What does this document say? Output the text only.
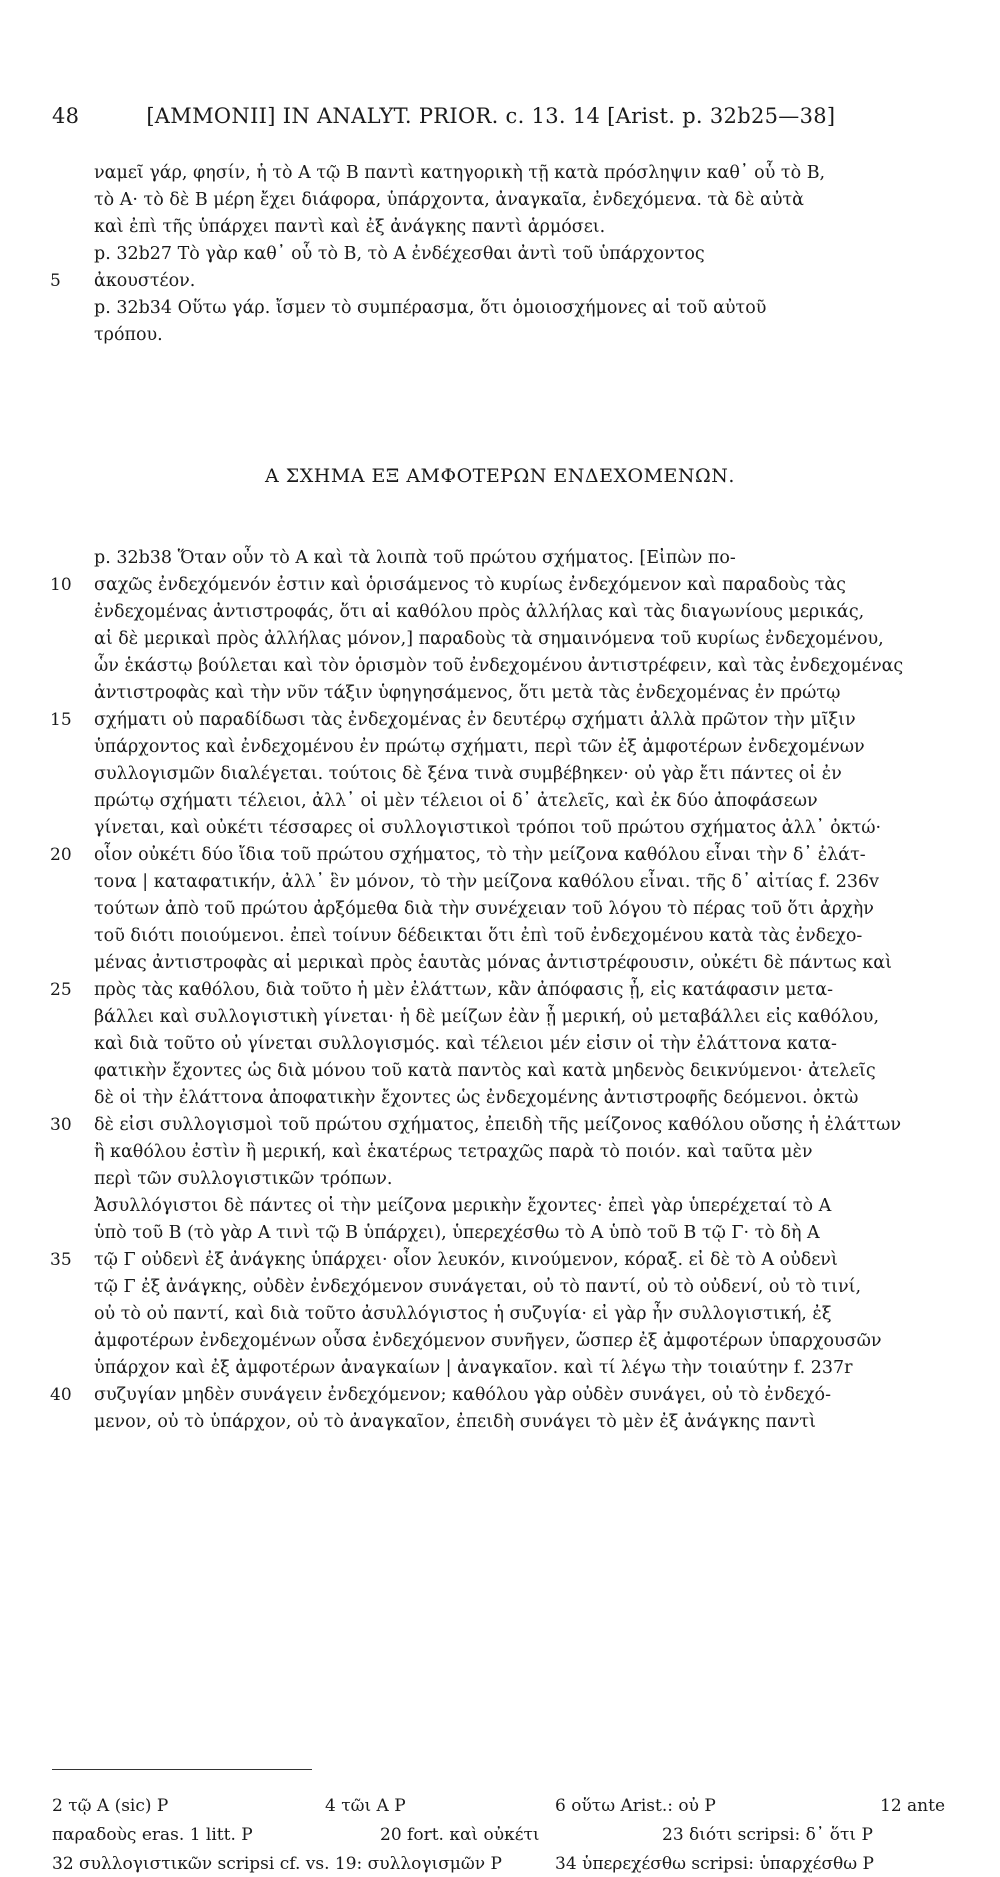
48	[AMMONII] IN ANALYT. PRIOR. c. 13. 14 [Arist. p. 32b25—38]
ναμεῖ γάρ, φησίν, ἡ τὸ Α τῷ Β παντὶ κατηγορικὴ τῇ κατὰ πρόσληψιν καθ᾽ οὗ τὸ Β,
τὸ Α· τὸ δὲ Β μέρη ἔχει διάφορα, ὑπάρχοντα, ἀναγκαῖα, ἐνδεχόμενα. τὰ δὲ αὐτὰ
καὶ ἐπὶ τῆς ὑπάρχει παντὶ καὶ ἐξ ἀνάγκης παντὶ ἁρμόσει.
p. 32b27 Τὸ γὰρ καθ᾽ οὗ τὸ Β, τὸ Α ἐνδέχεσθαι ἀντὶ τοῦ ὑπάρχοντος
ἀκουστέον.
5
p. 32b34 Οὕτω γάρ. ἴσμεν τὸ συμπέρασμα, ὅτι ὁμοιοσχήμονες αἱ τοῦ αὐτοῦ
τρόπου.
p. 32b38 Ὅταν οὖν τὸ Α καὶ τὰ λοιπὰ τοῦ πρώτου σχήματος. [Εἰπὼν πο-
σαχῶς ἐνδεχόμενόν ἐστιν καὶ ὁρισάμενος τὸ κυρίως ἐνδεχόμενον καὶ παραδοὺς τὰς
10
ἐνδεχομένας ἀντιστροφάς, ὅτι αἱ καθόλου πρὸς ἀλλήλας καὶ τὰς διαγωνίους μερικάς,
αἱ δὲ μερικαὶ πρὸς ἀλλήλας μόνον,] παραδοὺς τὰ σημαινόμενα τοῦ κυρίως ἐνδεχομένου,
ὧν ἑκάστῳ βούλεται καὶ τὸν ὁρισμὸν τοῦ ἐνδεχομένου ἀντιστρέφειν, καὶ τὰς ἐνδεχομένας
ἀντιστροφὰς καὶ τὴν νῦν τάξιν ὑφηγησάμενος, ὅτι μετὰ τὰς ἐνδεχομένας ἐν πρώτῳ
σχήματι οὐ παραδίδωσι τὰς ἐνδεχομένας ἐν δευτέρῳ σχήματι ἀλλὰ πρῶτον τὴν μῖξιν
15
ὑπάρχοντος καὶ ἐνδεχομένου ἐν πρώτῳ σχήματι, περὶ τῶν ἐξ ἀμφοτέρων ἐνδεχομένων
συλλογισμῶν διαλέγεται. τούτοις δὲ ξένα τινὰ συμβέβηκεν· οὐ γὰρ ἔτι πάντες οἱ ἐν
πρώτῳ σχήματι τέλειοι, ἀλλ᾽ οἱ μὲν τέλειοι οἱ δ᾽ ἀτελεῖς, καὶ ἐκ δύο ἀποφάσεων
γίνεται, καὶ οὐκέτι τέσσαρες οἱ συλλογιστικοὶ τρόποι τοῦ πρώτου σχήματος ἀλλ᾽ ὀκτώ·
οἷον οὐκέτι δύο ἴδια τοῦ πρώτου σχήματος, τὸ τὴν μείζονα καθόλου εἶναι τὴν δ᾽ ἐλάτ-
20
τονα | καταφατικήν, ἀλλ᾽ ἓν μόνον, τὸ τὴν μείζονα καθόλου εἶναι. τῆς δ᾽ αἰτίας f. 236v
τούτων ἀπὸ τοῦ πρώτου ἀρξόμεθα διὰ τὴν συνέχειαν τοῦ λόγου τὸ πέρας τοῦ ὅτι ἀρχὴν
τοῦ διότι ποιούμενοι. ἐπεὶ τοίνυν δέδεικται ὅτι ἐπὶ τοῦ ἐνδεχομένου κατὰ τὰς ἐνδεχο-
μένας ἀντιστροφὰς αἱ μερικαὶ πρὸς ἑαυτὰς μόνας ἀντιστρέφουσιν, οὐκέτι δὲ πάντως καὶ
πρὸς τὰς καθόλου, διὰ τοῦτο ἡ μὲν ἐλάττων, κἂν ἀπόφασις ᾖ, εἰς κατάφασιν μετα-
25
βάλλει καὶ συλλογιστικὴ γίνεται· ἡ δὲ μείζων ἐὰν ᾖ μερική, οὐ μεταβάλλει εἰς καθόλου,
καὶ διὰ τοῦτο οὐ γίνεται συλλογισμός. καὶ τέλειοι μέν εἰσιν οἱ τὴν ἐλάττονα κατα-
φατικὴν ἔχοντες ὡς διὰ μόνου τοῦ κατὰ παντὸς καὶ κατὰ μηδενὸς δεικνύμενοι· ἀτελεῖς
δὲ οἱ τὴν ἐλάττονα ἀποφατικὴν ἔχοντες ὡς ἐνδεχομένης ἀντιστροφῆς δεόμενοι. ὀκτὼ
δὲ εἰσι συλλογισμοὶ τοῦ πρώτου σχήματος, ἐπειδὴ τῆς μείζονος καθόλου οὔσης ἡ ἐλάττων
30
ἢ καθόλου ἐστὶν ἢ μερική, καὶ ἑκατέρως τετραχῶς παρὰ τὸ ποιόν. καὶ ταῦτα μὲν
περὶ τῶν συλλογιστικῶν τρόπων.
Ἀσυλλόγιστοι δὲ πάντες οἱ τὴν μείζονα μερικὴν ἔχοντες· ἐπεὶ γὰρ ὑπερέχεταί τὸ Α
ὑπὸ τοῦ Β (τὸ γὰρ Α τινὶ τῷ Β ὑπάρχει), ὑπερεχέσθω τὸ Α ὑπὸ τοῦ Β τῷ Γ· τὸ δὴ Α
τῷ Γ οὐδενὶ ἐξ ἀνάγκης ὑπάρχει· οἷον λευκόν, κινούμενον, κόραξ. εἰ δὲ τὸ Α οὐδενὶ
35
τῷ Γ ἐξ ἀνάγκης, οὐδὲν ἐνδεχόμενον συνάγεται, οὐ τὸ παντί, οὐ τὸ οὐδενί, οὐ τὸ τινί,
οὐ τὸ οὐ παντί, καὶ διὰ τοῦτο ἀσυλλόγιστος ἡ συζυγία· εἰ γὰρ ἦν συλλογιστική, ἐξ
ἀμφοτέρων ἐνδεχομένων οὖσα ἐνδεχόμενον συνῆγεν, ὥσπερ ἐξ ἀμφοτέρων ὑπαρχουσῶν
ὑπάρχον καὶ ἐξ ἀμφοτέρων ἀναγκαίων | ἀναγκαῖον. καὶ τί λέγω τὴν τοιαύτην f. 237r
συζυγίαν μηδὲν συνάγειν ἐνδεχόμενον; καθόλου γὰρ οὐδὲν συνάγει, οὐ τὸ ἐνδεχό-
40
μενον, οὐ τὸ ὑπάρχον, οὐ τὸ ἀναγκαῖον, ἐπειδὴ συνάγει τὸ μὲν ἐξ ἀνάγκης παντὶ
Α ΣΧΗΜΑ ΕΞ ΑΜΦΟΤΕΡΩΝ ΕΝΔΕΧΟΜΕΝΩΝ.
2 τῷ Α (sic) P	4 τῶι Α P	6 οὕτω Arist.: οὐ P	12 ante
παραδοὺς eras. 1 litt. P	20 fort. καὶ οὐκέτι	23 διότι scripsi: δ᾽ ὅτι P
32 συλλογιστικῶν scripsi cf. vs. 19: συλλογισμῶν P	34 ὑπερεχέσθω scripsi: ὑπαρχέσθω P
